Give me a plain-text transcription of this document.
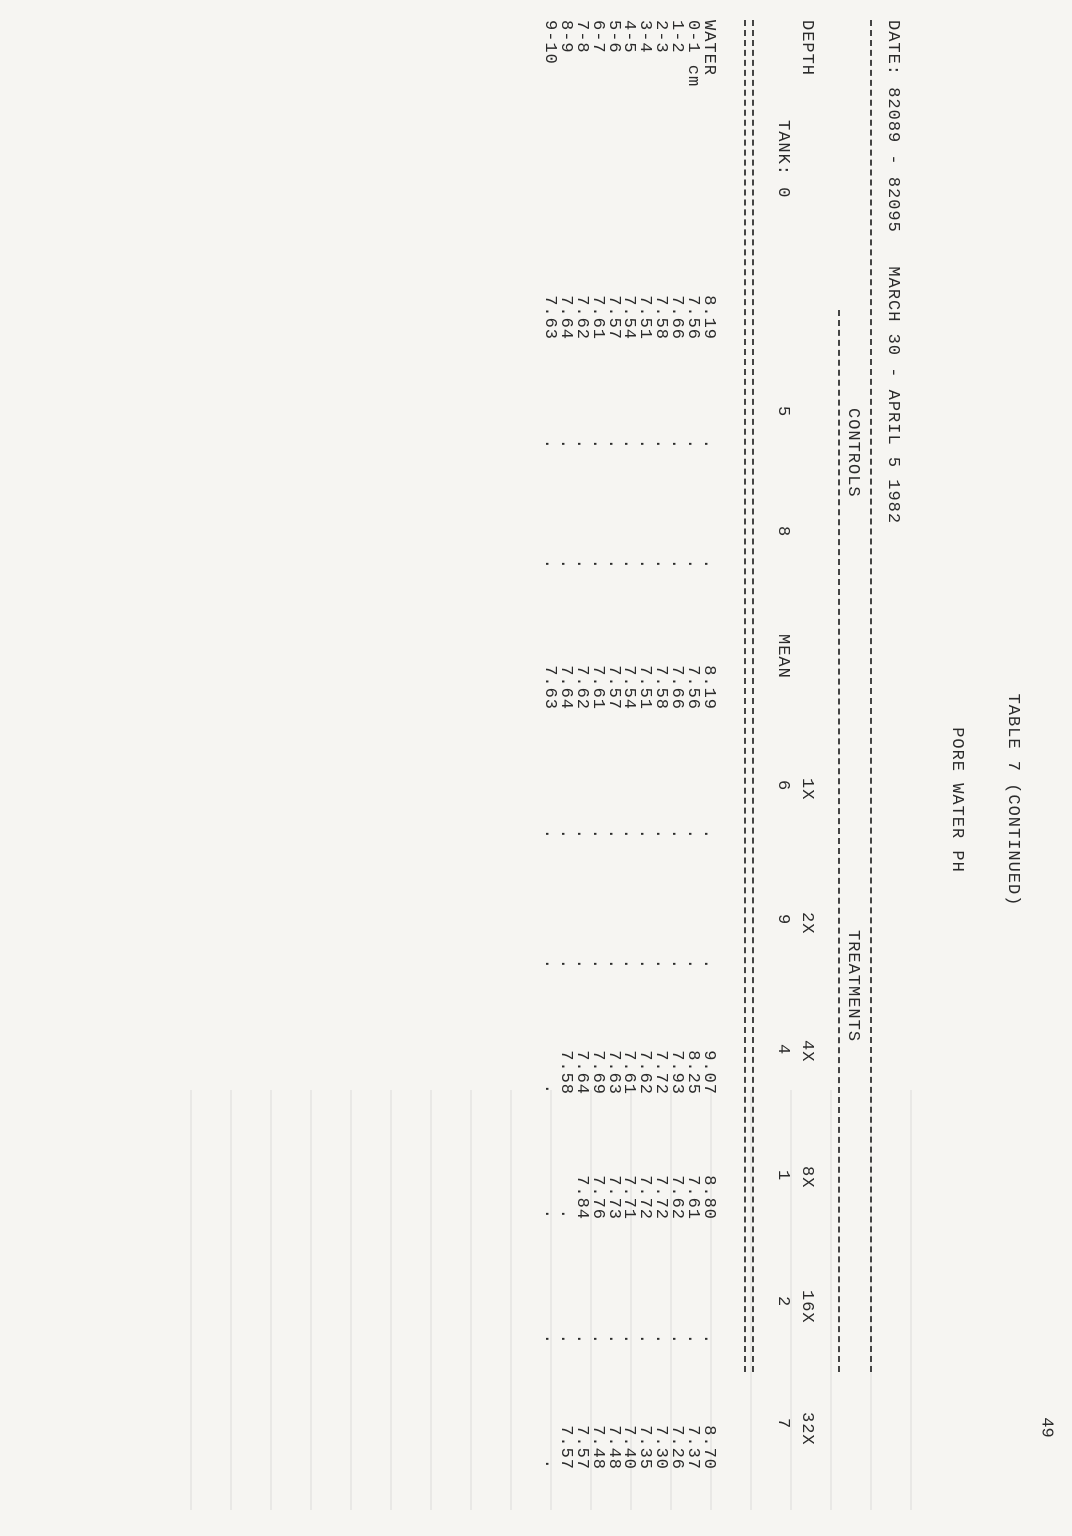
49
TABLE 7 (CONTINUED)
PORE WATER PH
DATE: 82089 - 82095   MARCH 30 - APRIL 5 1982
CONTROLS
TREATMENTS
DEPTH
TANK: 0
1X
2X
4X
8X
16X
32X
5
8
MEAN
6
9
4
1
2
7
WATER
8.19
.
.
8.19
.
.
9.07
8.80
.
8.70
0-1 cm
7.56
.
.
7.56
.
.
8.25
7.61
.
7.37
1-2
7.66
.
.
7.66
.
.
7.93
7.62
.
7.26
2-3
7.58
.
.
7.58
.
.
7.72
7.72
.
7.30
3-4
7.51
.
.
7.51
.
.
7.62
7.72
.
7.35
4-5
7.54
.
.
7.54
.
.
7.61
7.71
.
7.40
5-6
7.57
.
.
7.57
.
.
7.63
7.73
.
7.48
6-7
7.61
.
.
7.61
.
.
7.69
7.76
.
7.48
7-8
7.62
.
.
7.62
.
.
7.64
7.84
.
7.57
8-9
7.64
.
.
7.64
.
.
7.58
.
.
7.57
9-10
7.63
.
.
7.63
.
.
.
.
.
.
